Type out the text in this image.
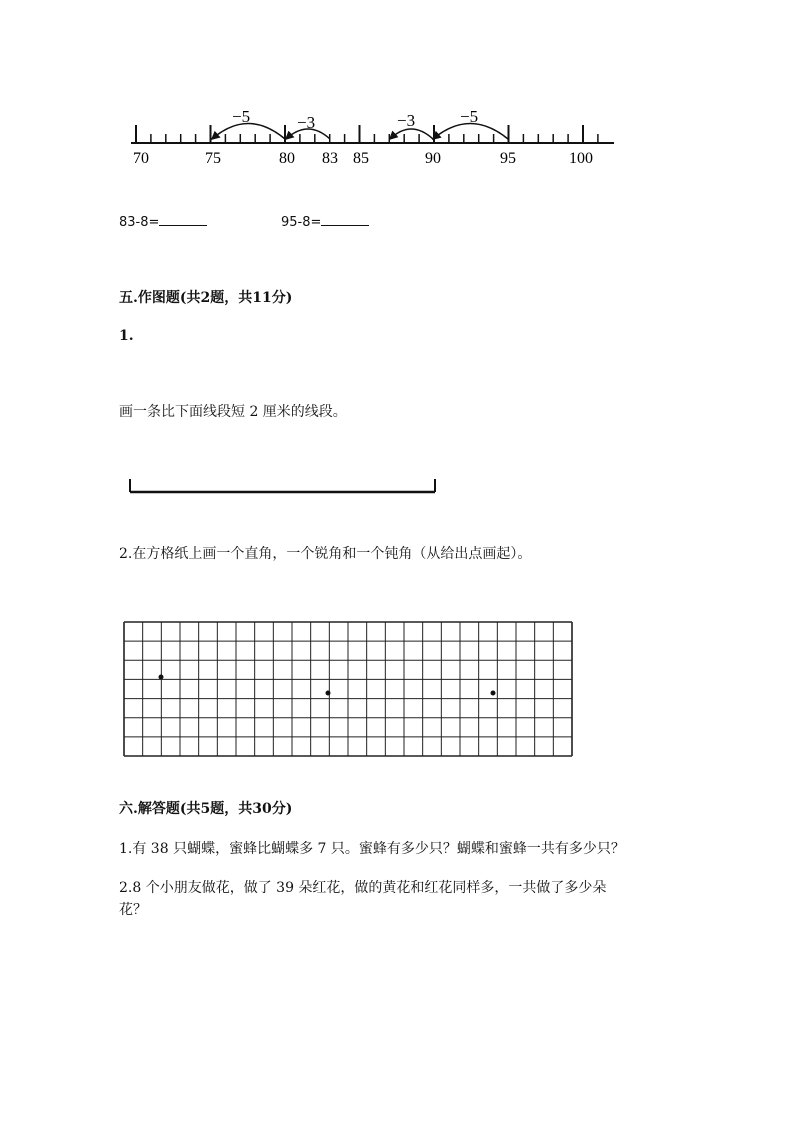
−5	−3	−3	−5
70	75	80 83 85	90	95	100
83-8=	95-8=
五.作图题(共2题，共11分)
1.
画一条比下面线段短 2 厘米的线段。
2.在方格纸上画一个直角，一个锐角和一个钝角（从给出点画起）。
六.解答题(共5题，共30分)
1.有 38 只蝴蝶，蜜蜂比蝴蝶多 7 只。蜜蜂有多少只？蝴蝶和蜜蜂一共有多少只？
2.8 个小朋友做花，做了 39 朵红花，做的黄花和红花同样多，一共做了多少朵
花？
